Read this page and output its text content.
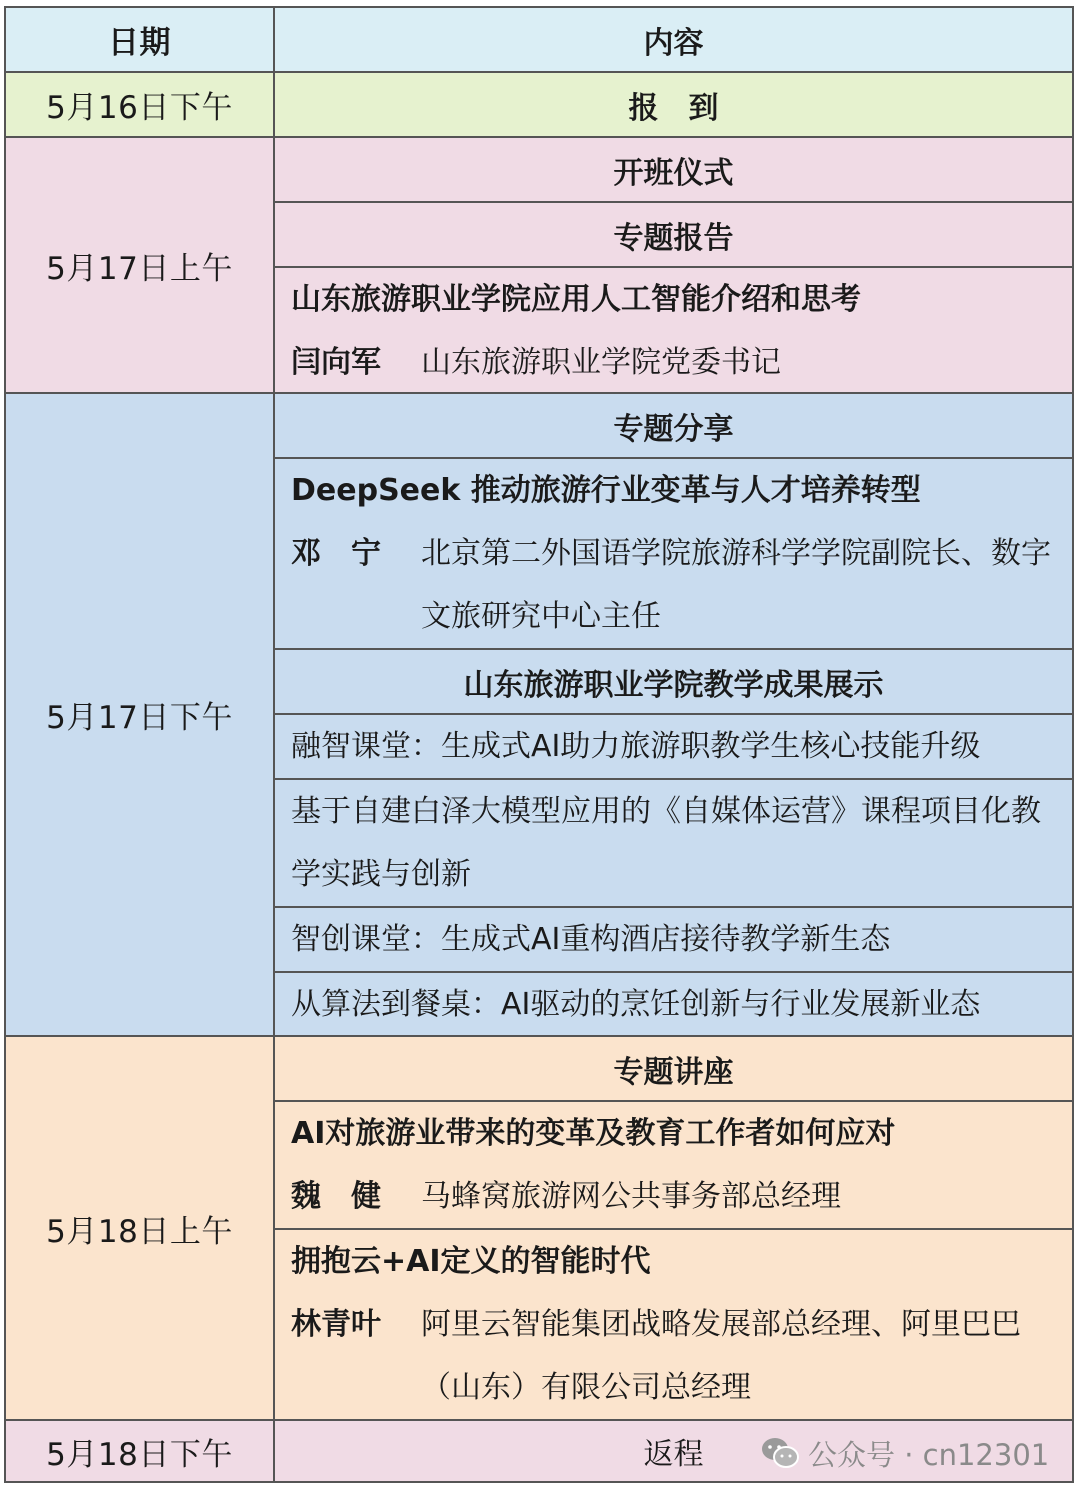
日期	内容
5月16日下午	报　到
5月17日上午
开班仪式
专题报告
山东旅游职业学院应用人工智能介绍和思考
闫向军	山东旅游职业学院党委书记
5月17日下午
专题分享
DeepSeek 推动旅游行业变革与人才培养转型
邓　宁	北京第二外国语学院旅游科学学院副院长、数字文旅研究中心主任
山东旅游职业学院教学成果展示
融智课堂：生成式AI助力旅游职教学生核心技能升级
基于自建白泽大模型应用的《自媒体运营》课程项目化教学实践与创新
智创课堂：生成式AI重构酒店接待教学新生态
从算法到餐桌：AI驱动的烹饪创新与行业发展新业态
5月18日上午
专题讲座
AI对旅游业带来的变革及教育工作者如何应对
魏　健	马蜂窝旅游网公共事务部总经理
拥抱云+AI定义的智能时代
林青叶	阿里云智能集团战略发展部总经理、阿里巴巴（山东）有限公司总经理
5月18日下午	返程	公众号 · cn12301
